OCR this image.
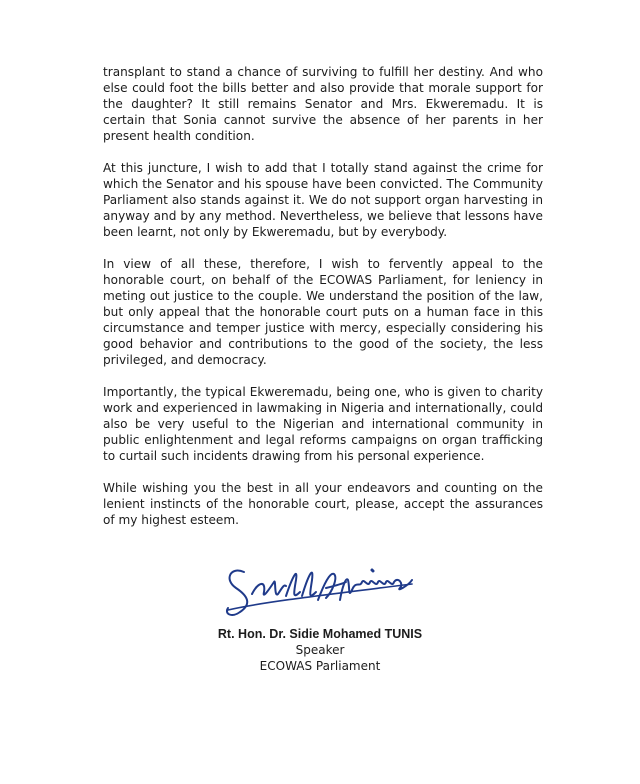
transplant to stand a chance of surviving to fulfill her destiny. And who else could foot the bills better and also provide that morale support for the daughter? It still remains Senator and Mrs. Ekweremadu. It is certain that Sonia cannot survive the absence of her parents in her present health condition.

At this juncture, I wish to add that I totally stand against the crime for which the Senator and his spouse have been convicted. The Community Parliament also stands against it. We do not support organ harvesting in anyway and by any method. Nevertheless, we believe that lessons have been learnt, not only by Ekweremadu, but by everybody.

In view of all these, therefore, I wish to fervently appeal to the honorable court, on behalf of the ECOWAS Parliament, for leniency in meting out justice to the couple. We understand the position of the law, but only appeal that the honorable court puts on a human face in this circumstance and temper justice with mercy, especially considering his good behavior and contributions to the good of the society, the less privileged, and democracy.

Importantly, the typical Ekweremadu, being one, who is given to charity work and experienced in lawmaking in Nigeria and internationally, could also be very useful to the Nigerian and international community in public enlightenment and legal reforms campaigns on organ trafficking to curtail such incidents drawing from his personal experience.

While wishing you the best in all your endeavors and counting on the lenient instincts of the honorable court, please, accept the assurances of my highest esteem.

Rt. Hon. Dr. Sidie Mohamed TUNIS

Speaker

ECOWAS Parliament
